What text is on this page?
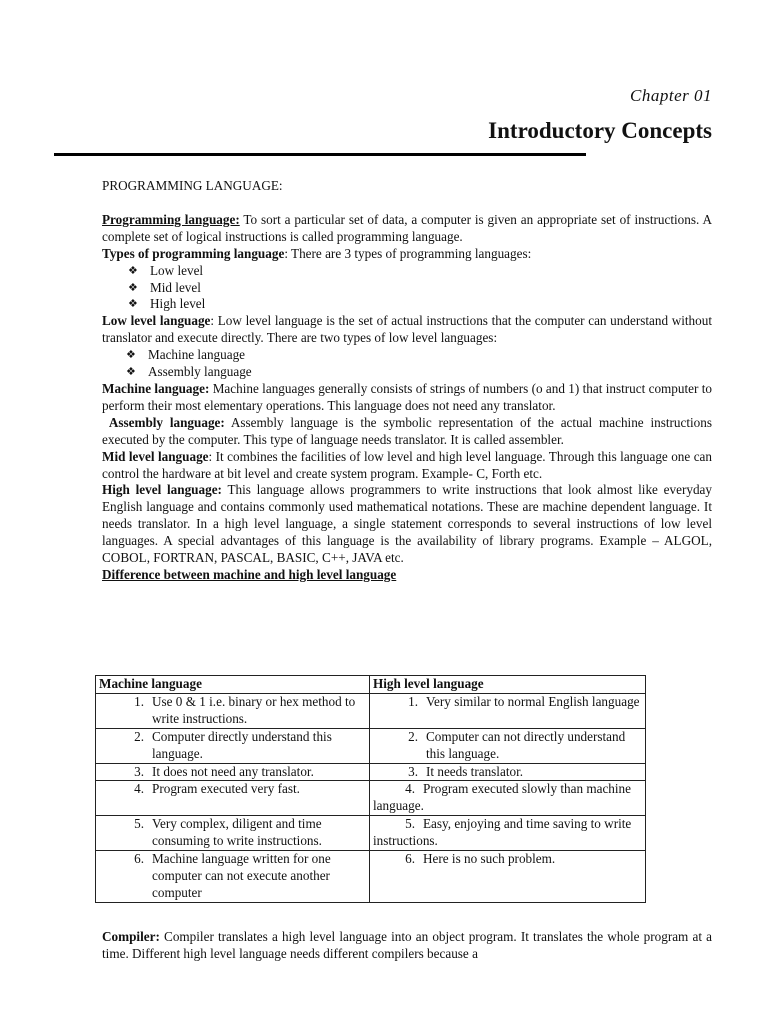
Chapter 01
Introductory Concepts

PROGRAMMING LANGUAGE:

Programming language: To sort a particular set of data, a computer is given an appropriate set of instructions. A complete set of logical instructions is called programming language.

Types of programming language: There are 3 types of programming languages:

❖ Low level
❖ Mid level
❖ High level

Low level language: Low level language is the set of actual instructions that the computer can understand without translator and execute directly. There are two types of low level languages:

❖ Machine language
❖ Assembly language

Machine language: Machine languages generally consists of strings of numbers (o and 1) that instruct computer to perform their most elementary operations. This language does not need any translator.

Assembly language: Assembly language is the symbolic representation of the actual machine instructions executed by the computer. This type of language needs translator. It is called assembler.

Mid level language: It combines the facilities of low level and high level language. Through this language one can control the hardware at bit level and create system program. Example- C, Forth etc.

High level language: This language allows programmers to write instructions that look almost like everyday English language and contains commonly used mathematical notations. These are machine dependent language. It needs translator. In a high level language, a single statement corresponds to several instructions of low level languages. A special advantages of this language is the availability of library programs. Example – ALGOL, COBOL, FORTRAN, PASCAL, BASIC, C++, JAVA etc.

Difference between machine and high level language

Machine language	High level language

1. Use 0 & 1 i.e. binary or hex method to write instructions.	1. Very similar to normal English language

2. Computer directly understand this language.	2. Computer can not directly understand this language.

3. It does not need any translator.	3. It needs translator.

4. Program executed very fast.	4. Program executed slowly than machine language.

5. Very complex, diligent and time consuming to write instructions.	5. Easy, enjoying and time saving to write instructions.

6. Machine language written for one computer can not execute another computer	6. Here is no such problem.

Compiler: Compiler translates a high level language into an object program. It translates the whole program at a time. Different high level language needs different compilers because a
